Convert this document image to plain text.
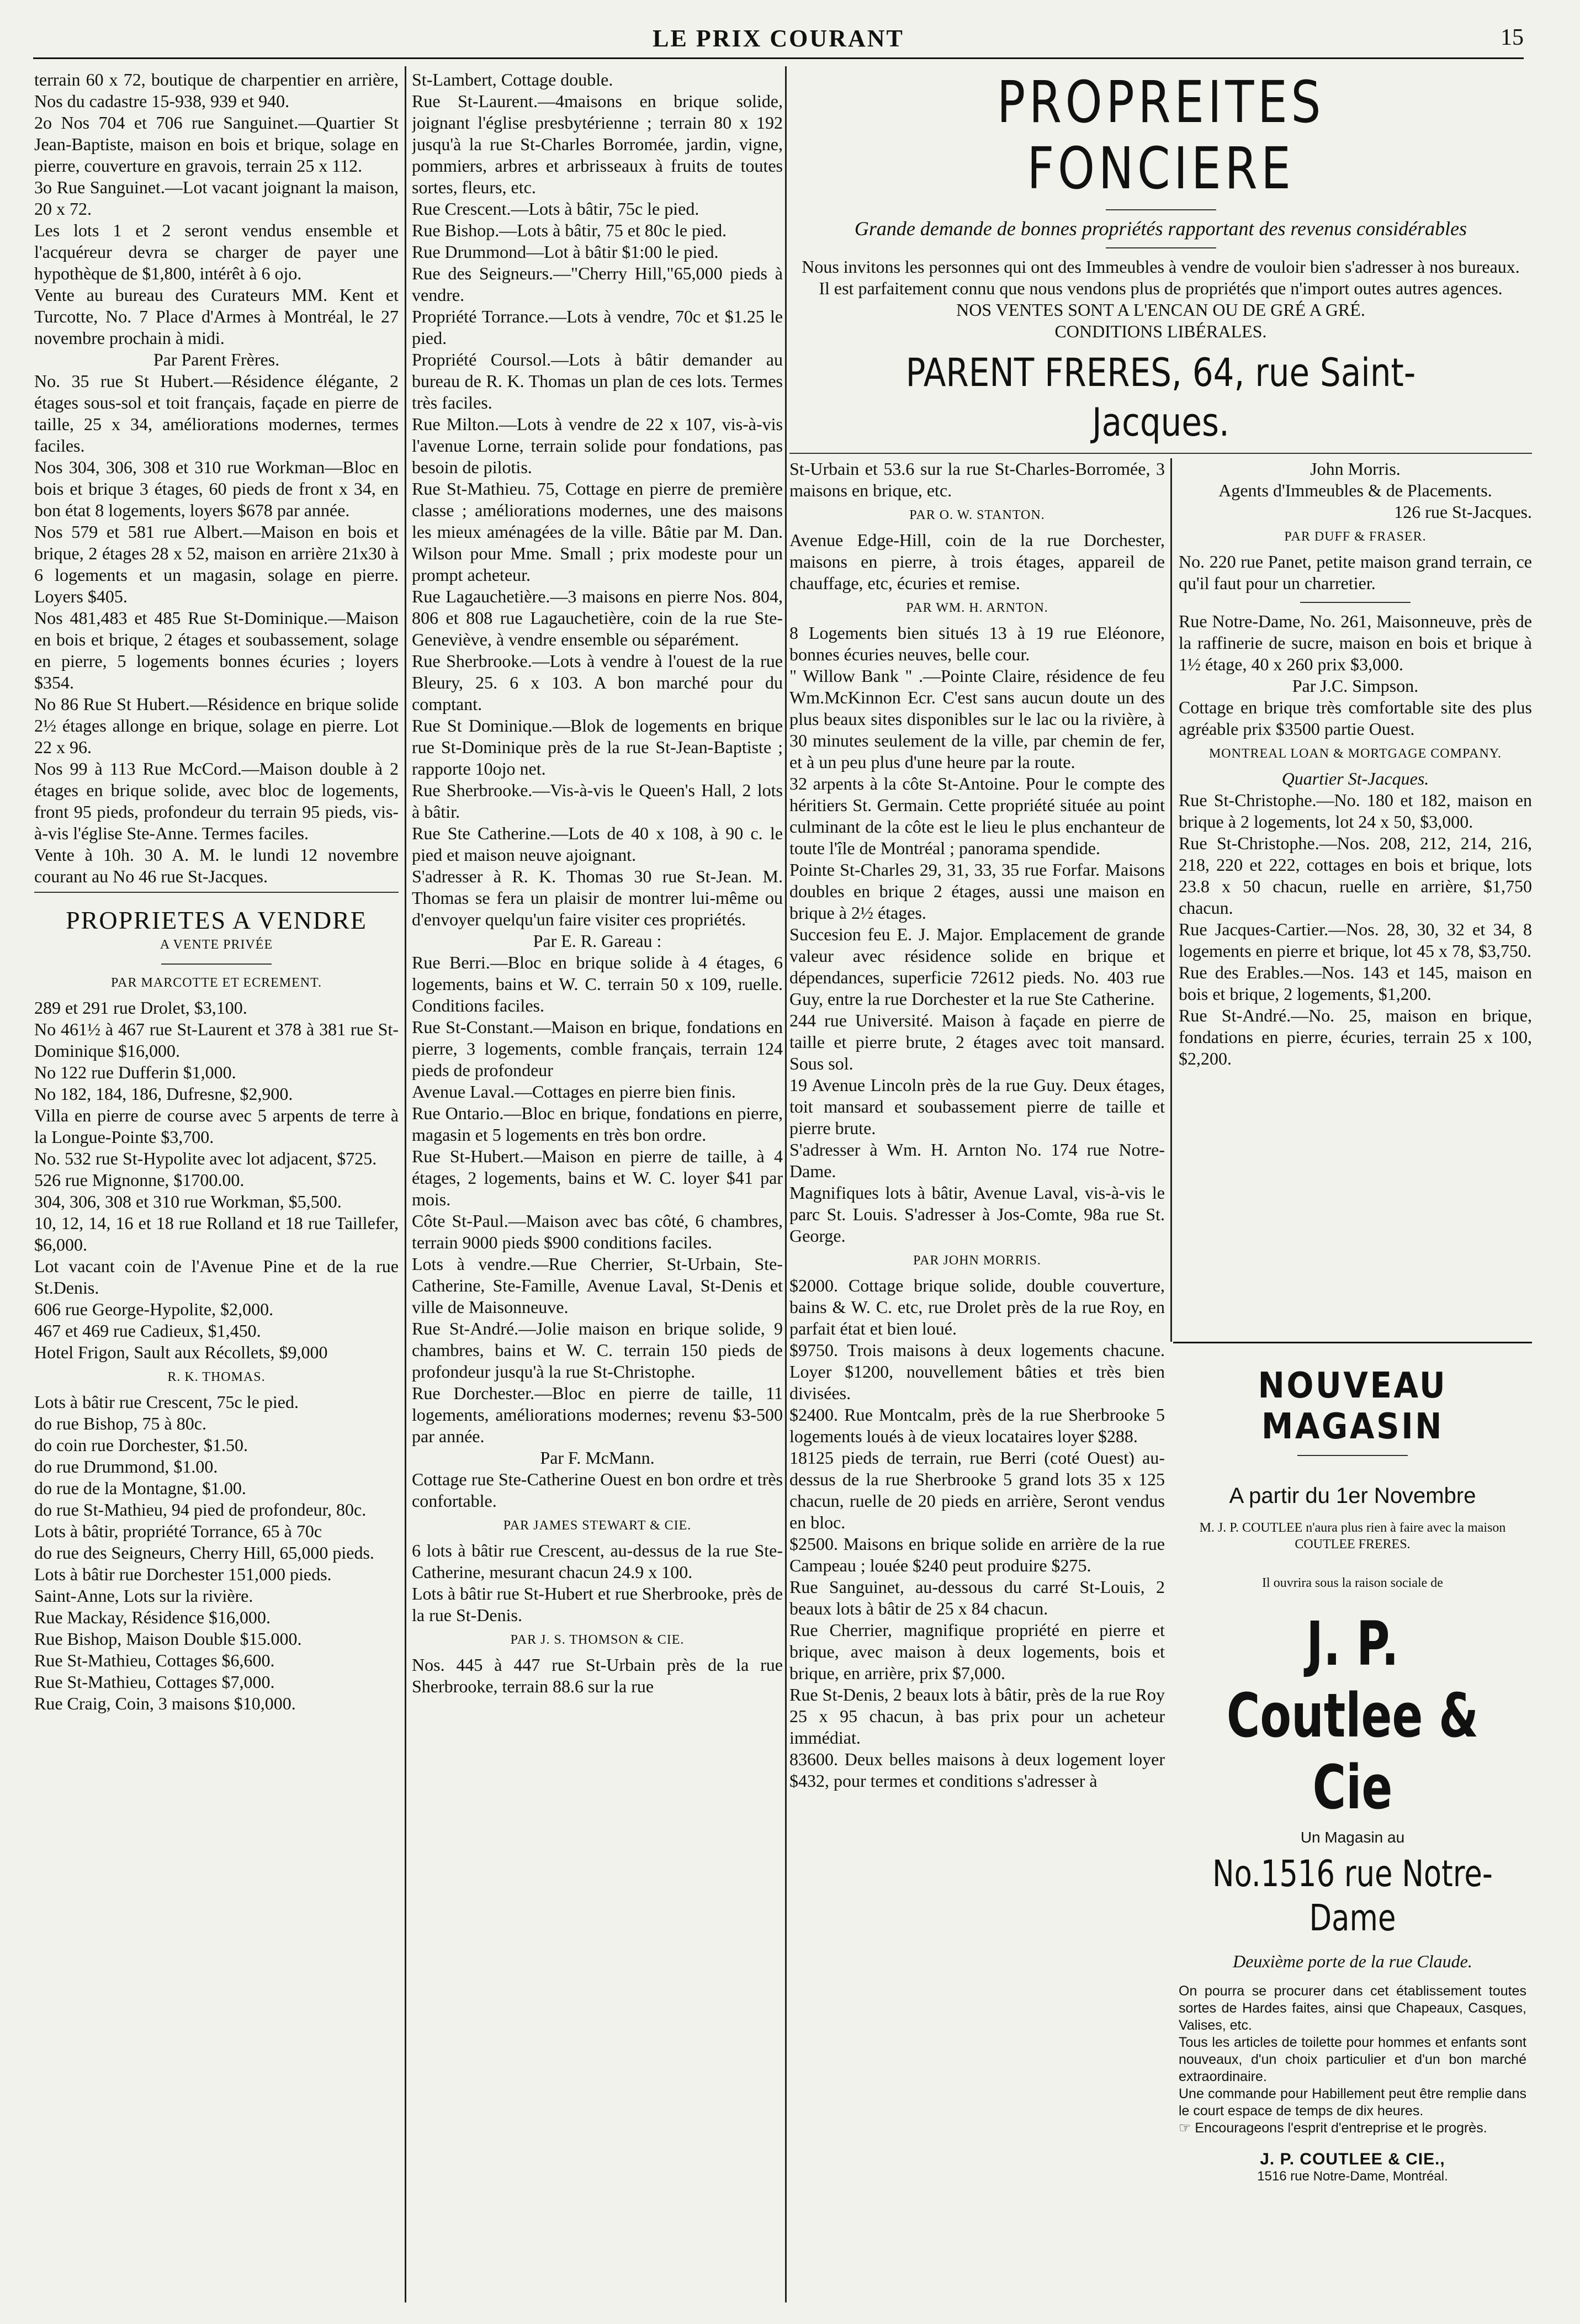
LE PRIX COURANT	15

terrain 60 x 72, boutique de charpentier en arrière, Nos du cadastre 15-938, 939 et 940.

2o Nos 704 et 706 rue Sanguinet.—Quartier St Jean-Baptiste, maison en bois et brique, solage en pierre, couverture en gravois, terrain 25 x 112.

3o Rue Sanguinet.—Lot vacant joignant la maison, 20 x 72.

Les lots 1 et 2 seront vendus ensemble et l'acquéreur devra se charger de payer une hypothèque de $1,800, intérêt à 6 ojo.

Vente au bureau des Curateurs MM. Kent et Turcotte, No. 7 Place d'Armes à Montréal, le 27 novembre prochain à midi.

Par Parent Frères.

No. 35 rue St Hubert.—Résidence élégante, 2 étages sous-sol et toit français, façade en pierre de taille, 25 x 34, améliorations modernes, termes faciles.

Nos 304, 306, 308 et 310 rue Workman—Bloc en bois et brique 3 étages, 60 pieds de front x 34, en bon état 8 logements, loyers $678 par année.

Nos 579 et 581 rue Albert.—Maison en bois et brique, 2 étages 28 x 52, maison en arrière 21x30 à 6 logements et un magasin, solage en pierre. Loyers $405.

Nos 481,483 et 485 Rue St-Dominique.—Maison en bois et brique, 2 étages et soubassement, solage en pierre, 5 logements bonnes écuries ; loyers $354.

No 86 Rue St Hubert.—Résidence en brique solide 2½ étages allonge en brique, solage en pierre. Lot 22 x 96.

Nos 99 à 113 Rue McCord.—Maison double à 2 étages en brique solide, avec bloc de logements, front 95 pieds, profondeur du terrain 95 pieds, vis-à-vis l'église Ste-Anne. Termes faciles.

Vente à 10h. 30 A. M. le lundi 12 novembre courant au No 46 rue St-Jacques.

PROPRIETES A VENDRE

A VENTE PRIVÉE

PAR MARCOTTE ET ECREMENT.

289 et 291 rue Drolet, $3,100.

No 461½ à 467 rue St-Laurent et 378 à 381 rue St-Dominique $16,000.

No 122 rue Dufferin $1,000.

No 182, 184, 186, Dufresne, $2,900.

Villa en pierre de course avec 5 arpents de terre à la Longue-Pointe $3,700.

No. 532 rue St-Hypolite avec lot adjacent, $725.

526 rue Mignonne, $1700.00.

304, 306, 308 et 310 rue Workman, $5,500.

10, 12, 14, 16 et 18 rue Rolland et 18 rue Taillefer, $6,000.

Lot vacant coin de l'Avenue Pine et de la rue St.Denis.

606 rue George-Hypolite, $2,000.

467 et 469 rue Cadieux, $1,450.

Hotel Frigon, Sault aux Récollets, $9,000

R. K. THOMAS.

Lots à bâtir rue Crescent, 75c le pied.

do rue Bishop, 75 à 80c.

do coin rue Dorchester, $1.50.

do rue Drummond, $1.00.

do rue de la Montagne, $1.00.

do rue St-Mathieu, 94 pied de profondeur, 80c.

Lots à bâtir, propriété Torrance, 65 à 70c

do rue des Seigneurs, Cherry Hill, 65,000 pieds.

Lots à bâtir rue Dorchester 151,000 pieds.

Saint-Anne, Lots sur la rivière.

Rue Mackay, Résidence $16,000.

Rue Bishop, Maison Double $15.000.

Rue St-Mathieu, Cottages $6,600.

Rue St-Mathieu, Cottages $7,000.

Rue Craig, Coin, 3 maisons $10,000.

St-Lambert, Cottage double.

Rue St-Laurent.—4maisons en brique solide, joignant l'église presbytérienne ; terrain 80 x 192 jusqu'à la rue St-Charles Borromée, jardin, vigne, pommiers, arbres et arbrisseaux à fruits de toutes sortes, fleurs, etc.

Rue Crescent.—Lots à bâtir, 75c le pied.

Rue Bishop.—Lots à bâtir, 75 et 80c le pied.

Rue Drummond—Lot à bâtir $1:00 le pied.

Rue des Seigneurs.—"Cherry Hill,"65,000 pieds à vendre.

Propriété Torrance.—Lots à vendre, 70c et $1.25 le pied.

Propriété Coursol.—Lots à bâtir demander au bureau de R. K. Thomas un plan de ces lots. Termes très faciles.

Rue Milton.—Lots à vendre de 22 x 107, vis-à-vis l'avenue Lorne, terrain solide pour fondations, pas besoin de pilotis.

Rue St-Mathieu. 75, Cottage en pierre de première classe ; améliorations modernes, une des maisons les mieux aménagées de la ville. Bâtie par M. Dan. Wilson pour Mme. Small ; prix modeste pour un prompt acheteur.

Rue Lagauchetière.—3 maisons en pierre Nos. 804, 806 et 808 rue Lagauchetière, coin de la rue Ste-Geneviève, à vendre ensemble ou séparément.

Rue Sherbrooke.—Lots à vendre à l'ouest de la rue Bleury, 25. 6 x 103. A bon marché pour du comptant.

Rue St Dominique.—Blok de logements en brique rue St-Dominique près de la rue St-Jean-Baptiste ; rapporte 10ojo net.

Rue Sherbrooke.—Vis-à-vis le Queen's Hall, 2 lots à bâtir.

Rue Ste Catherine.—Lots de 40 x 108, à 90 c. le pied et maison neuve ajoignant.

S'adresser à R. K. Thomas 30 rue St-Jean. M. Thomas se fera un plaisir de montrer lui-même ou d'envoyer quelqu'un faire visiter ces propriétés.

Par E. R. Gareau :

Rue Berri.—Bloc en brique solide à 4 étages, 6 logements, bains et W. C. terrain 50 x 109, ruelle. Conditions faciles.

Rue St-Constant.—Maison en brique, fondations en pierre, 3 logements, comble français, terrain 124 pieds de profondeur

Avenue Laval.—Cottages en pierre bien finis.

Rue Ontario.—Bloc en brique, fondations en pierre, magasin et 5 logements en très bon ordre.

Rue St-Hubert.—Maison en pierre de taille, à 4 étages, 2 logements, bains et W. C. loyer $41 par mois.

Côte St-Paul.—Maison avec bas côté, 6 chambres, terrain 9000 pieds $900 conditions faciles.

Lots à vendre.—Rue Cherrier, St-Urbain, Ste-Catherine, Ste-Famille, Avenue Laval, St-Denis et ville de Maisonneuve.

Rue St-André.—Jolie maison en brique solide, 9 chambres, bains et W. C. terrain 150 pieds de profondeur jusqu'à la rue St-Christophe.

Rue Dorchester.—Bloc en pierre de taille, 11 logements, améliorations modernes; revenu $3-500 par année.

Par F. McMann.

Cottage rue Ste-Catherine Ouest en bon ordre et très confortable.

PAR JAMES STEWART & CIE.

6 lots à bâtir rue Crescent, au-dessus de la rue Ste-Catherine, mesurant chacun 24.9 x 100.

Lots à bâtir rue St-Hubert et rue Sherbrooke, près de la rue St-Denis.

PAR J. S. THOMSON & CIE.

Nos. 445 à 447 rue St-Urbain près de la rue Sherbrooke, terrain 88.6 sur la rue

PROPREITES FONCIERE

Grande demande de bonnes propriétés rapportant des revenus considérables

Nous invitons les personnes qui ont des Immeubles à vendre de vouloir bien s'adresser à nos bureaux.

Il est parfaitement connu que nous vendons plus de propriétés que n'import outes autres agences.

NOS VENTES SONT A L'ENCAN OU DE GRÉ A GRÉ.

CONDITIONS LIBÉRALES.

PARENT FRERES, 64, rue Saint-Jacques.

St-Urbain et 53.6 sur la rue St-Charles-Borromée, 3 maisons en brique, etc.

PAR O. W. STANTON.

Avenue Edge-Hill, coin de la rue Dorchester, maisons en pierre, à trois étages, appareil de chauffage, etc, écuries et remise.

PAR WM. H. ARNTON.

8 Logements bien situés 13 à 19 rue Eléonore, bonnes écuries neuves, belle cour.

" Willow Bank " .—Pointe Claire, résidence de feu Wm.McKinnon Ecr. C'est sans aucun doute un des plus beaux sites disponibles sur le lac ou la rivière, à 30 minutes seulement de la ville, par chemin de fer, et à un peu plus d'une heure par la route.

32 arpents à la côte St-Antoine. Pour le compte des héritiers St. Germain. Cette propriété située au point culminant de la côte est le lieu le plus enchanteur de toute l'île de Montréal ; panorama spendide.

Pointe St-Charles 29, 31, 33, 35 rue Forfar. Maisons doubles en brique 2 étages, aussi une maison en brique à 2½ étages.

Succesion feu E. J. Major. Emplacement de grande valeur avec résidence solide en brique et dépendances, superficie 72612 pieds. No. 403 rue Guy, entre la rue Dorchester et la rue Ste Catherine.

244 rue Université. Maison à façade en pierre de taille et pierre brute, 2 étages avec toit mansard. Sous sol.

19 Avenue Lincoln près de la rue Guy. Deux étages, toit mansard et soubassement pierre de taille et pierre brute.

S'adresser à Wm. H. Arnton No. 174 rue Notre-Dame.

Magnifiques lots à bâtir, Avenue Laval, vis-à-vis le parc St. Louis. S'adresser à Jos-Comte, 98a rue St. George.

PAR JOHN MORRIS.

$2000. Cottage brique solide, double couverture, bains & W. C. etc, rue Drolet près de la rue Roy, en parfait état et bien loué.

$9750. Trois maisons à deux logements chacune. Loyer $1200, nouvellement bâties et très bien divisées.

$2400. Rue Montcalm, près de la rue Sherbrooke 5 logements loués à de vieux locataires loyer $288.

18125 pieds de terrain, rue Berri (coté Ouest) au-dessus de la rue Sherbrooke 5 grand lots 35 x 125 chacun, ruelle de 20 pieds en arrière, Seront vendus en bloc.

$2500. Maisons en brique solide en arrière de la rue Campeau ; louée $240 peut produire $275.

Rue Sanguinet, au-dessous du carré St-Louis, 2 beaux lots à bâtir de 25 x 84 chacun.

Rue Cherrier, magnifique propriété en pierre et brique, avec maison à deux logements, bois et brique, en arrière, prix $7,000.

Rue St-Denis, 2 beaux lots à bâtir, près de la rue Roy 25 x 95 chacun, à bas prix pour un acheteur immédiat.

83600. Deux belles maisons à deux logement loyer $432, pour termes et conditions s'adresser à

John Morris.

Agents d'Immeubles & de Placements.

126 rue St-Jacques.

PAR DUFF & FRASER.

No. 220 rue Panet, petite maison grand terrain, ce qu'il faut pour un charretier.

Rue Notre-Dame, No. 261, Maisonneuve, près de la raffinerie de sucre, maison en bois et brique à 1½ étage, 40 x 260 prix $3,000.

Par J.C. Simpson.

Cottage en brique très comfortable site des plus agréable prix $3500 partie Ouest.

MONTREAL LOAN & MORTGAGE COMPANY.

Quartier St-Jacques.

Rue St-Christophe.—No. 180 et 182, maison en brique à 2 logements, lot 24 x 50, $3,000.

Rue St-Christophe.—Nos. 208, 212, 214, 216, 218, 220 et 222, cottages en bois et brique, lots 23.8 x 50 chacun, ruelle en arrière, $1,750 chacun.

Rue Jacques-Cartier.—Nos. 28, 30, 32 et 34, 8 logements en pierre et brique, lot 45 x 78, $3,750.

Rue des Erables.—Nos. 143 et 145, maison en bois et brique, 2 logements, $1,200.

Rue St-André.—No. 25, maison en brique, fondations en pierre, écuries, terrain 25 x 100, $2,200.

NOUVEAU MAGASIN
A partir du 1er Novembre
M. J. P. COUTLEE n'aura plus rien à faire avec la maison COUTLEE FRERES.
Il ouvrira sous la raison sociale de
J. P. Coutlee & Cie
Un Magasin au
No.1516 rue Notre-Dame
Deuxième porte de la rue Claude.
On pourra se procurer dans cet établissement toutes sortes de Hardes faites, ainsi que Chapeaux, Casques, Valises, etc.
Tous les articles de toilette pour hommes et enfants sont nouveaux, d'un choix particulier et d'un bon marché extraordinaire.
Une commande pour Habillement peut être remplie dans le court espace de temps de dix heures.
☞ Encourageons l'esprit d'entreprise et le progrès.
J. P. COUTLEE & CIE.,
1516 rue Notre-Dame, Montréal.
